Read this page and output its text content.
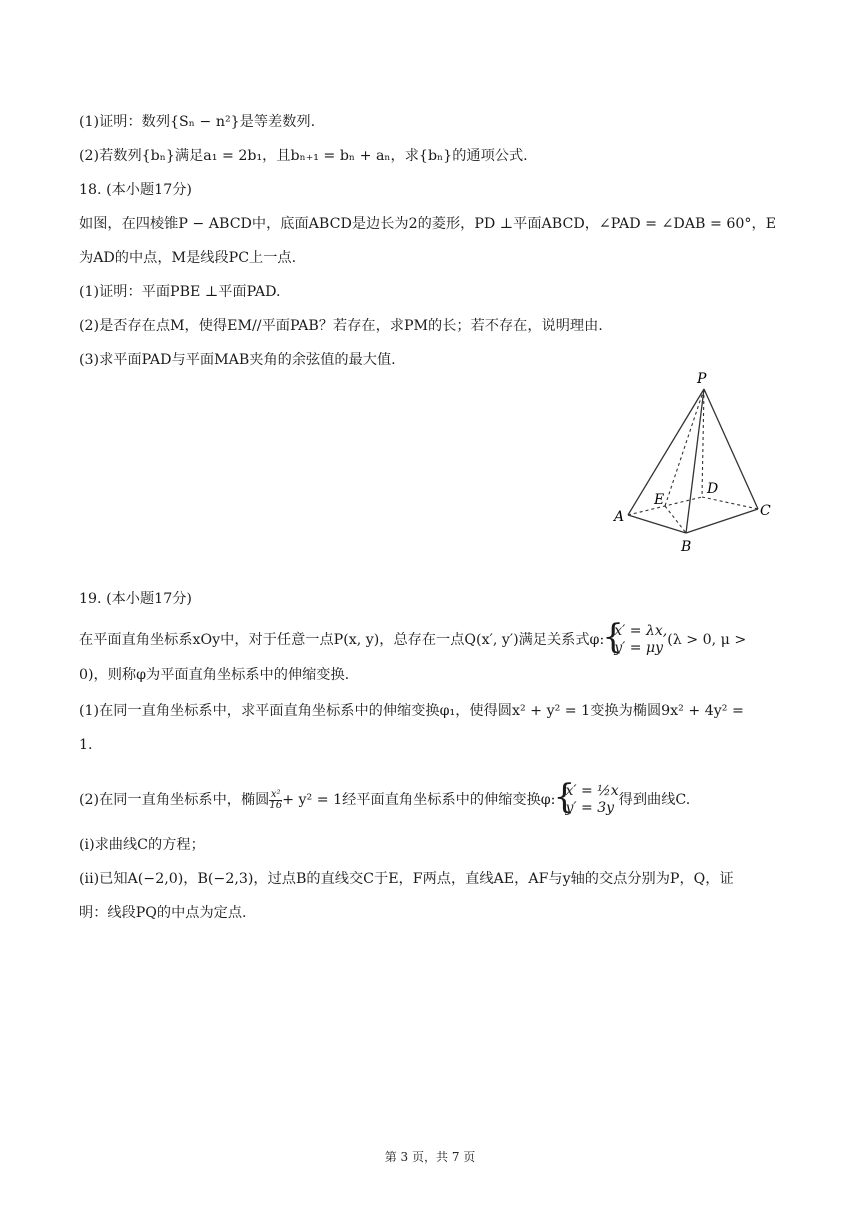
(1)证明：数列{Sₙ − n²}是等差数列.
(2)若数列{bₙ}满足a₁ = 2b₁，且bₙ₊₁ = bₙ + aₙ，求{bₙ}的通项公式.
18. (本小题17分)
如图，在四棱锥P − ABCD中，底面ABCD是边长为2的菱形，PD ⊥平面ABCD，∠PAD = ∠DAB = 60°，E
为AD的中点，M是线段PC上一点.
(1)证明：平面PBE ⊥平面PAD.
(2)是否存在点M，使得EM//平面PAB？若存在，求PM的长；若不存在，说明理由.
(3)求平面PAD与平面MAB夹角的余弦值的最大值.
P
A
B
C
D
E
19. (本小题17分)
在平面直角坐标系xOy中，对于任意一点P(x, y)，总存在一点Q(x′, y′)满足关系式φ:
{ x′ = λx,
y′ = μy (λ > 0, μ >
0)，则称φ为平面直角坐标系中的伸缩变换.
(1)在同一直角坐标系中，求平面直角坐标系中的伸缩变换φ₁，使得圆x² + y² = 1变换为椭圆9x² + 4y² =
1.
(2)在同一直角坐标系中，椭圆 $\frac{\text{x²}}{16} + y^2 = 1$经平面直角坐标系中的伸缩变换φ:
{ x′ = ½x
y′ = 3y 得到曲线C.
(i)求曲线C的方程；
(ii)已知A(−2,0)，B(−2,3)，过点B的直线交C于E，F两点，直线AE，AF与y轴的交点分别为P，Q，证
明：线段PQ的中点为定点.
第 3 页，共 7 页
